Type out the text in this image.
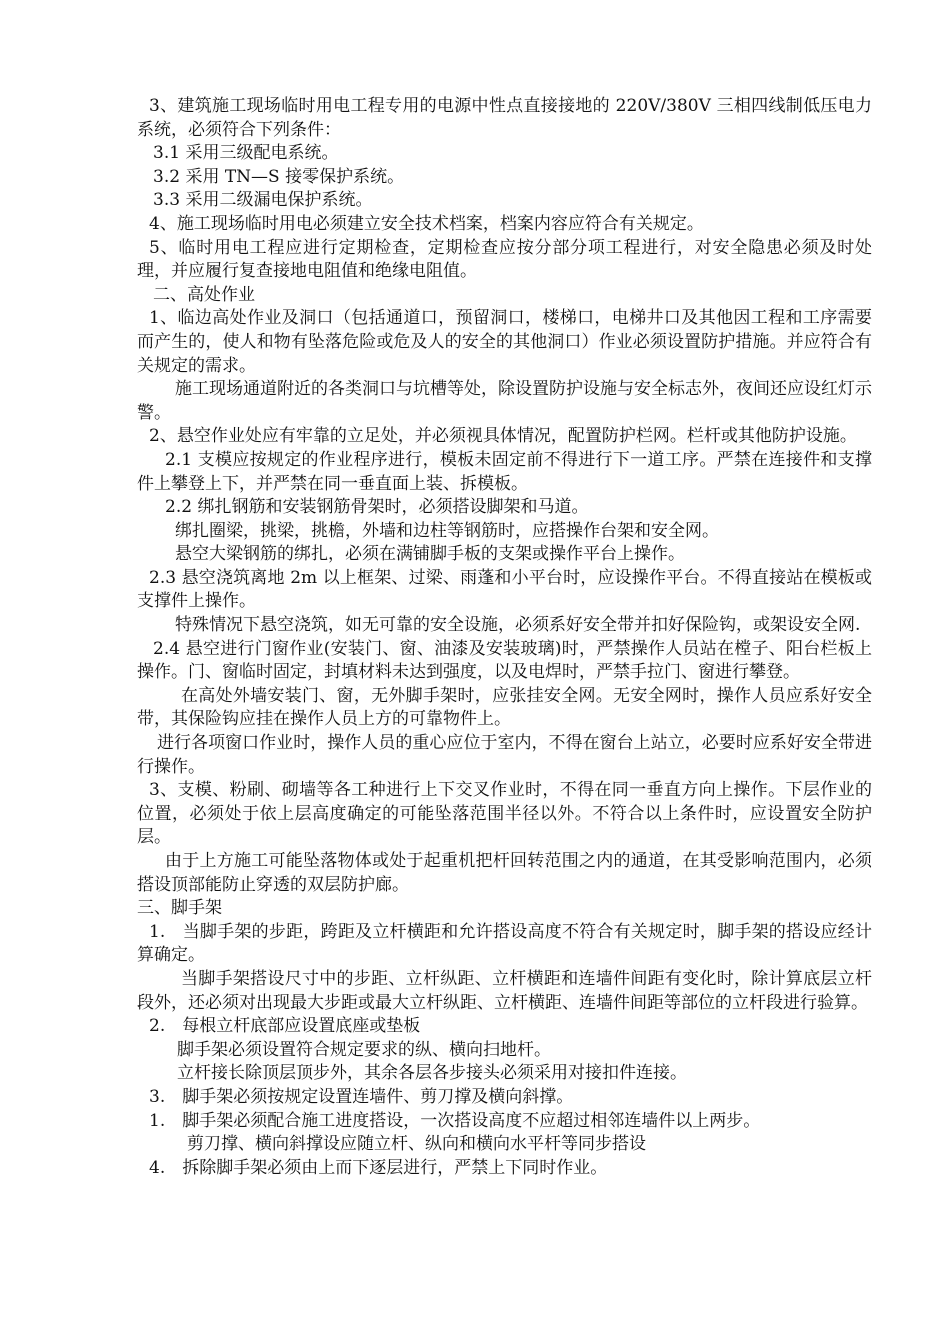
3、建筑施工现场临时用电工程专用的电源中性点直接接地的 220V/380V 三相四线制低压电力系统，必须符合下列条件：

3.1 采用三级配电系统。

3.2 采用 TN—S 接零保护系统。

3.3 采用二级漏电保护系统。

4、施工现场临时用电必须建立安全技术档案，档案内容应符合有关规定。

5、临时用电工程应进行定期检查，定期检查应按分部分项工程进行，对安全隐患必须及时处理，并应履行复查接地电阻值和绝缘电阻值。

二、高处作业

1、临边高处作业及洞口（包括通道口，预留洞口，楼梯口，电梯井口及其他因工程和工序需要而产生的，使人和物有坠落危险或危及人的安全的其他洞口）作业必须设置防护措施。并应符合有关规定的需求。

施工现场通道附近的各类洞口与坑槽等处，除设置防护设施与安全标志外，夜间还应设红灯示警。

2、悬空作业处应有牢靠的立足处，并必须视具体情况，配置防护栏网。栏杆或其他防护设施。

2.1 支模应按规定的作业程序进行，模板未固定前不得进行下一道工序。严禁在连接件和支撑件上攀登上下，并严禁在同一垂直面上装、拆模板。

2.2 绑扎钢筋和安装钢筋骨架时，必须搭设脚架和马道。

绑扎圈梁，挑梁，挑檐，外墙和边柱等钢筋时，应搭操作台架和安全网。

悬空大梁钢筋的绑扎，必须在满铺脚手板的支架或操作平台上操作。

2.3 悬空浇筑离地 2m 以上框架、过梁、雨蓬和小平台时，应设操作平台。不得直接站在模板或支撑件上操作。

特殊情况下悬空浇筑，如无可靠的安全设施，必须系好安全带并扣好保险钩，或架设安全网.

2.4 悬空进行门窗作业(安装门、窗、油漆及安装玻璃)时，严禁操作人员站在樘子、阳台栏板上操作。门、窗临时固定，封填材料未达到强度，以及电焊时，严禁手拉门、窗进行攀登。

在高处外墙安装门、窗，无外脚手架时，应张挂安全网。无安全网时，操作人员应系好安全带，其保险钩应挂在操作人员上方的可靠物件上。

进行各项窗口作业时，操作人员的重心应位于室内，不得在窗台上站立，必要时应系好安全带进行操作。

3、支模、粉刷、砌墙等各工种进行上下交叉作业时，不得在同一垂直方向上操作。下层作业的位置，必须处于依上层高度确定的可能坠落范围半径以外。不符合以上条件时，应设置安全防护层。

由于上方施工可能坠落物体或处于起重机把杆回转范围之内的通道，在其受影响范围内，必须搭设顶部能防止穿透的双层防护廊。

三、脚手架

1.　当脚手架的步距，跨距及立杆横距和允许搭设高度不符合有关规定时，脚手架的搭设应经计算确定。

当脚手架搭设尺寸中的步距、立杆纵距、立杆横距和连墙件间距有变化时，除计算底层立杆段外，还必须对出现最大步距或最大立杆纵距、立杆横距、连墙件间距等部位的立杆段进行验算。

2.　每根立杆底部应设置底座或垫板

脚手架必须设置符合规定要求的纵、横向扫地杆。

立杆接长除顶层顶步外，其余各层各步接头必须采用对接扣件连接。

3.　脚手架必须按规定设置连墙件、剪刀撑及横向斜撑。

1.　脚手架必须配合施工进度搭设，一次搭设高度不应超过相邻连墙件以上两步。

剪刀撑、横向斜撑设应随立杆、纵向和横向水平杆等同步搭设

4.　拆除脚手架必须由上而下逐层进行，严禁上下同时作业。
